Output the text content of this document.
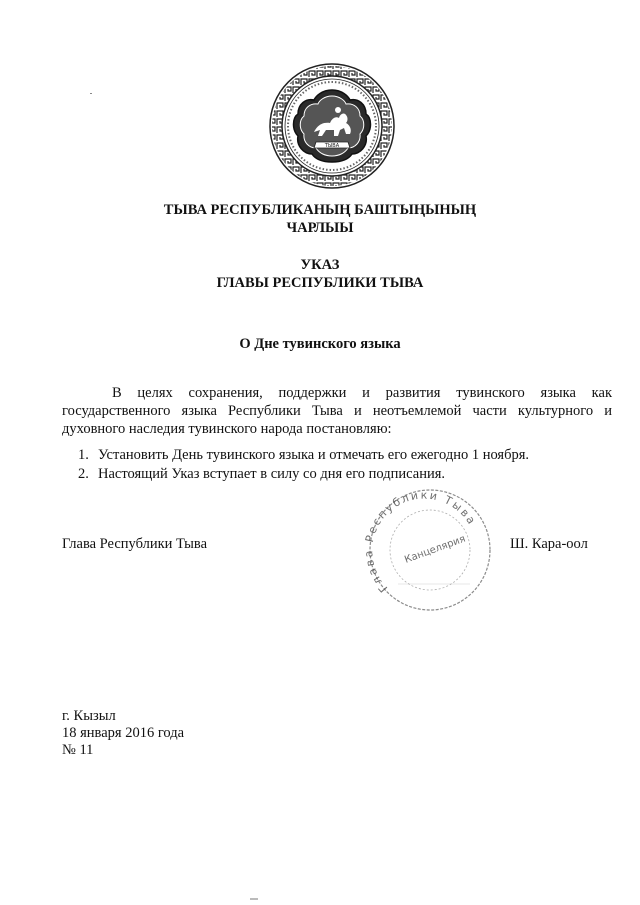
ТЫВА
ТЫВА РЕСПУБЛИКАНЫҢ БАШТЫҢЫНЫҢ
ЧАРЛЫЫ
УКАЗ
ГЛАВЫ РЕСПУБЛИКИ ТЫВА
О Дне тувинского языка

В целях сохранения, поддержки и развития тувинского языка как государственного языка Республики Тыва и неотъемлемой части культурного и духовного наследия тувинского народа постановляю:

1. Установить День тувинского языка и отмечать его ежегодно 1 ноября.
2. Настоящий Указ вступает в силу со дня его подписания.
Глава Республики Тыва
Канцелярия
Глава Республики Тыва	Ш. Кара-оол
г. Кызыл
18 января 2016 года
№ 11
